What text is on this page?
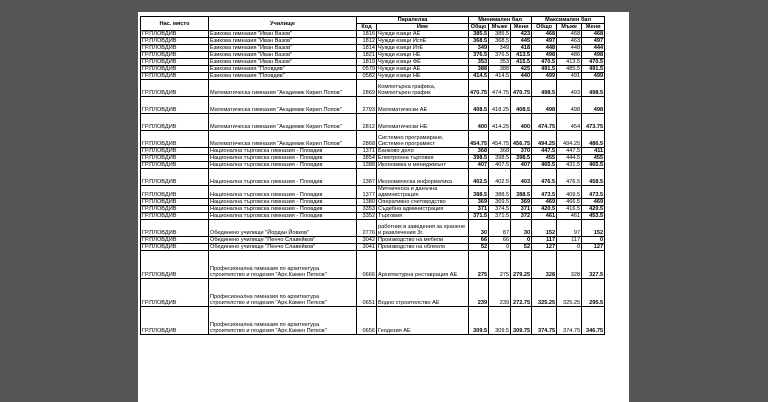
Нас. място	Училище	Паралелка		Минимален бал			Максимален бал		
		Код	Име	Общо	Мъже	Жени	Общо	Мъже	Жени
ГР.ПЛОВДИВ	Езикова гимназия "Иван Вазов"	1816	Чужди езици АЕ	385.5	385.5	423	468	468	468
ГР.ПЛОВДИВ	Езикова гимназия "Иван Вазов"	1812	Чужди езици ИспЕ	368.5	368.5	445	497	463	497
ГР.ПЛОВДИВ	Езикова гимназия "Иван Вазов"	1814	Чужди езици ИтЕ	349	349	418	448	448	444
ГР.ПЛОВДИВ	Езикова гимназия "Иван Вазов"	1821	Чужди езици НЕ	376.5	376.5	413.5	498	486	498
ГР.ПЛОВДИВ	Езикова гимназия "Иван Вазов"	1819	Чужди езици ФЕ	353	353	415.5	470.5	413.5	470.5
ГР.ПЛОВДИВ	Езикова гимназия "Пловдив"	0579	Чужди езици АЕ	388	388	425	491.5	485.5	491.5
ГР.ПЛОВДИВ	Езикова гимназия "Пловдив"	0582	Чужди езици НЕ	414.5	414.5	440	499	491	499
ГР.ПЛОВДИВ	Математическа гимназия "Академик Кирил Попов"	2869	Компютърна графика, Компютърен график	470.75	474.75	470.75	498.5	493	498.5
ГР.ПЛОВДИВ	Математическа гимназия "Академик Кирил Попов"	2793	Математически АЕ	408.5	418.25	408.5	498	498	498
ГР.ПЛОВДИВ	Математическа гимназия "Академик Кирил Попов"	2812	Математически НЕ	400	414.25	400	474.75	454	473.75
ГР.ПЛОВДИВ	Математическа гимназия "Академик Кирил Попов"	2868	Системно програмиране, Системен програмист	454.75	454.75	456.75	494.25	494.25	486.5
ГР.ПЛОВДИВ	Национална търговска гимназия - Пловдив	1371	Банково дело	368	368	370	447.5	447.5	411
ГР.ПЛОВДИВ	Национална търговска гимназия - Пловдив	3854	Електронна търговия	398.5	398.5	398.5	455	444.5	455
ГР.ПЛОВДИВ	Национална търговска гимназия - Пловдив	1388	Икономика и мениджмънт	407	407.5	407	465.5	431.5	465.5
ГР.ПЛОВДИВ	Национална търговска гимназия - Пловдив	1387	Икономическа информатика	402.5	402.5	403	476.5	476.5	458.5
ГР.ПЛОВДИВ	Национална търговска гимназия - Пловдив	1377	Митническа и данъчна администрация	388.5	388.5	388.5	473.5	409.5	473.5
ГР.ПЛОВДИВ	Национална търговска гимназия - Пловдив	1380	Оперативно счетоводство	369	369.5	369	469	466.5	469
ГР.ПЛОВДИВ	Национална търговска гимназия - Пловдив	3353	Съдебна администрация	371	374.5	371	420.5	416.5	420.5
ГР.ПЛОВДИВ	Национална търговска гимназия - Пловдив	3352	Търговия	371.5	371.5	372	461	461	453.5
ГР.ПЛОВДИВ	Обединено училище "Йордан Йовков"	2776	работник в заведения за хранене и развлечения 3г.	30	87	30	152	97	152
ГР.ПЛОВДИВ	Обединено училище "Пенчо Славейков"	3042	Производство на мебели	66	66	0	117	117	0
ГР.ПЛОВДИВ	Обединено училище "Пенчо Славейков"	3041	Производство на облекло	52	0	52	127	0	127
ГР.ПЛОВДИВ	Професионална гимназия по архитектура строителство и геодезия "Арх.Камен Петков"	0666	Архитектурна реставрация АЕ	275	275	279.25	328	328	327.5
ГР.ПЛОВДИВ	Професионална гимназия по архитектура строителство и геодезия "Арх.Камен Петков"	0651	Водно строителство АЕ	239	239	272.75	325.25	325.25	295.5
ГР.ПЛОВДИВ	Професионална гимназия по архитектура строителство и геодезия "Арх.Камен Петков"	0656	Геодезия АЕ	309.5	309.5	309.75	374.75	374.75	346.75
